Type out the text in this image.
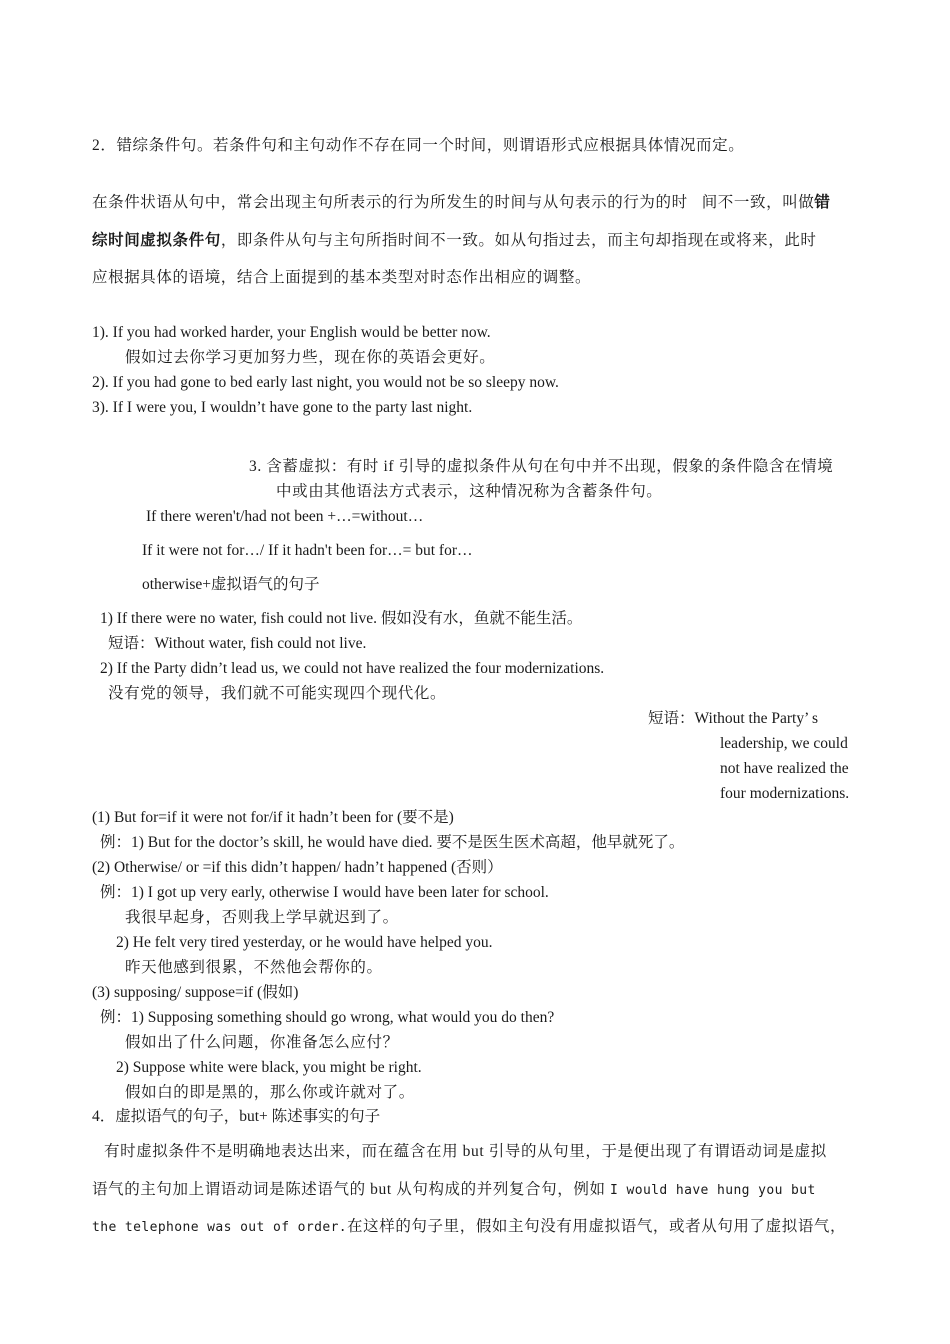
2．错综条件句。若条件句和主句动作不存在同一个时间，则谓语形式应根据具体情况而定。
在条件状语从句中，常会出现主句所表示的行为所发生的时间与从句表示的行为的时 间不一致，叫做错
综时间虚拟条件句，即条件从句与主句所指时间不一致。如从句指过去，而主句却指现在或将来，此时
应根据具体的语境，结合上面提到的基本类型对时态作出相应的调整。
1). If you had worked harder, your English would be better now.
假如过去你学习更加努力些，现在你的英语会更好。
2). If you had gone to bed early last night, you would not be so sleepy now.
3). If I were you, I wouldn’t have gone to the party last night.
3. 含蓄虚拟：有时 if 引导的虚拟条件从句在句中并不出现，假象的条件隐含在情境
中或由其他语法方式表示，这种情况称为含蓄条件句。
If there weren't/had not been +…=without…
If it were not for…/ If it hadn't been for…= but for…
otherwise+虚拟语气的句子
1) If there were no water, fish could not live. 假如没有水，鱼就不能生活。
短语：Without water, fish could not live.
2) If the Party didn’t lead us, we could not have realized the four modernizations.
没有党的领导，我们就不可能实现四个现代化。
短语：Without the Party’ s
leadership, we could
not have realized the
four modernizations.
(1) But for=if it were not for/if it hadn’t been for (要不是)
例：1) But for the doctor’s skill, he would have died. 要不是医生医术高超，他早就死了。
(2) Otherwise/ or =if this didn’t happen/ hadn’t happened (否则）
例：1) I got up very early, otherwise I would have been later for school.
我很早起身，否则我上学早就迟到了。
2) He felt very tired yesterday, or he would have helped you.
昨天他感到很累，不然他会帮你的。
(3) supposing/ suppose=if (假如)
例：1) Supposing something should go wrong, what would you do then?
假如出了什么问题，你准备怎么应付？
2) Suppose white were black, you might be right.
假如白的即是黑的，那么你或许就对了。
4．虚拟语气的句子，but+ 陈述事实的句子
有时虚拟条件不是明确地表达出来，而在蕴含在用 but 引导的从句里，于是便出现了有谓语动词是虚拟
语气的主句加上谓语动词是陈述语气的 but 从句构成的并列复合句，例如 I would have hung you but
the telephone was out of order.在这样的句子里，假如主句没有用虚拟语气，或者从句用了虚拟语气，
